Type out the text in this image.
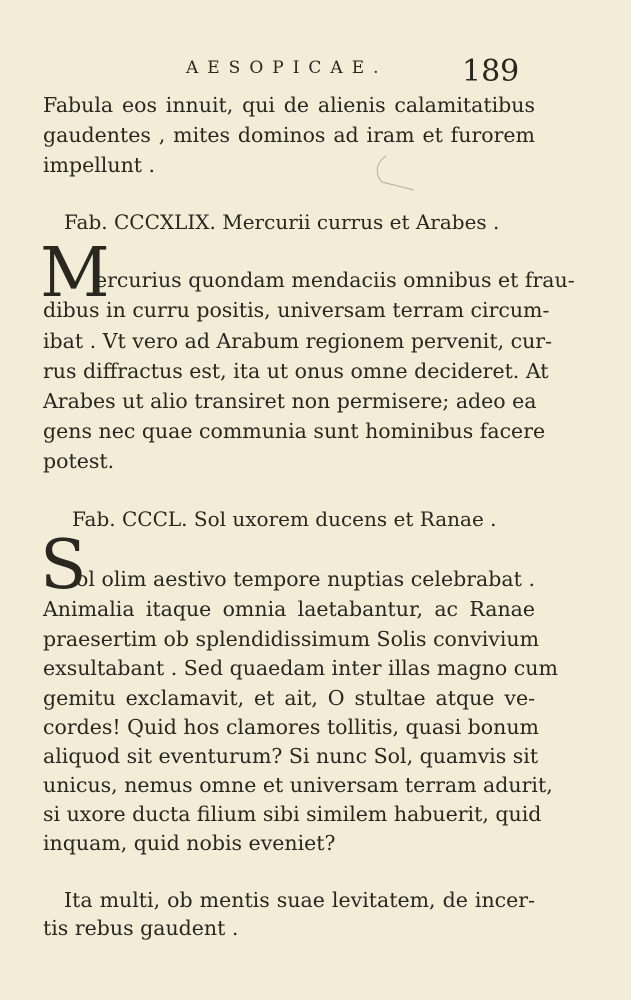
AESOPICAE. 189
Fabula eos innuit, qui de alienis calamitatibus
gaudentes , mites dominos ad iram et furorem
impellunt .
Fab. CCCXLIX. Mercurii currus et Arabes .
M
ercurius quondam mendaciis omnibus et frau-
dibus in curru positis, universam terram circum-
ibat . Vt vero ad Arabum regionem pervenit, cur-
rus diffractus est, ita ut onus omne decideret. At
Arabes ut alio transiret non permisere; adeo ea
gens nec quae communia sunt hominibus facere
potest.
Fab. CCCL. Sol uxorem ducens et Ranae .
S
ol olim aestivo tempore nuptias celebrabat .
Animalia itaque omnia laetabantur, ac Ranae
praesertim ob splendidissimum Solis convivium
exsultabant . Sed quaedam inter illas magno cum
gemitu exclamavit, et ait, O stultae atque ve-
cordes! Quid hos clamores tollitis, quasi bonum
aliquod sit eventurum? Si nunc Sol, quamvis sit
unicus, nemus omne et universam terram adurit,
si uxore ducta filium sibi similem habuerit, quid
inquam, quid nobis eveniet?
Ita multi, ob mentis suae levitatem, de incer-
tis rebus gaudent .
